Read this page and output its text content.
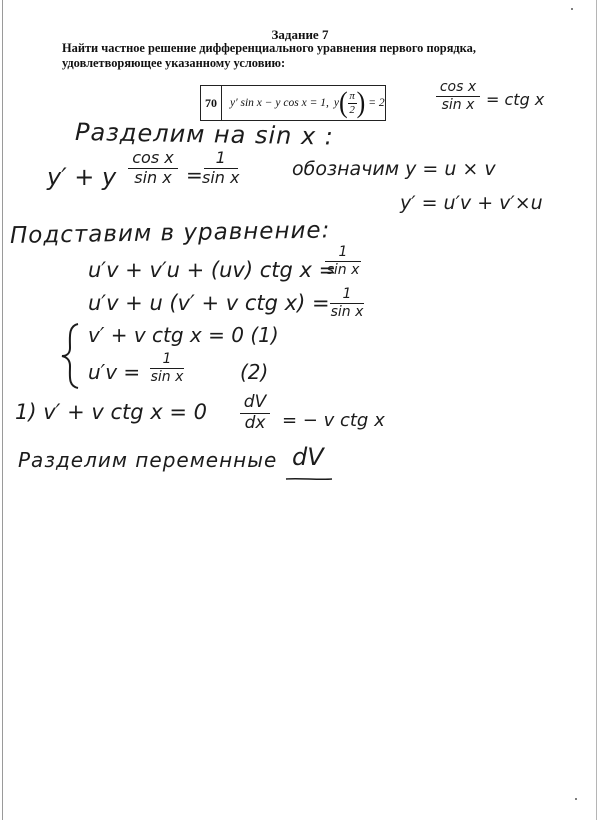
Задание 7
Найти частное решение дифференциального уравнения первого порядка, удовлетворяющее указанному условию:
70	y′ sin x − y cos x = 1, y ( $\frac{\pi}{2}$ ) = 2
cos x
sin x = ctg x
Разделим на sin x :
y′ + y
cos x
sin x =
1
sin x	обозначим y = u × v
y′ = u′v + v′×u
Подставим в уравнение:
u′v + v′u + (uv) ctg x =
1
sin x
u′v + u (v′ + v ctg x) = 1
sin x
v′ + v ctg x = 0 (1)
u′v =
1
sin x	(2)
1) v′ + v ctg x = 0 dV
dx = − v ctg x
Разделим переменные dV
